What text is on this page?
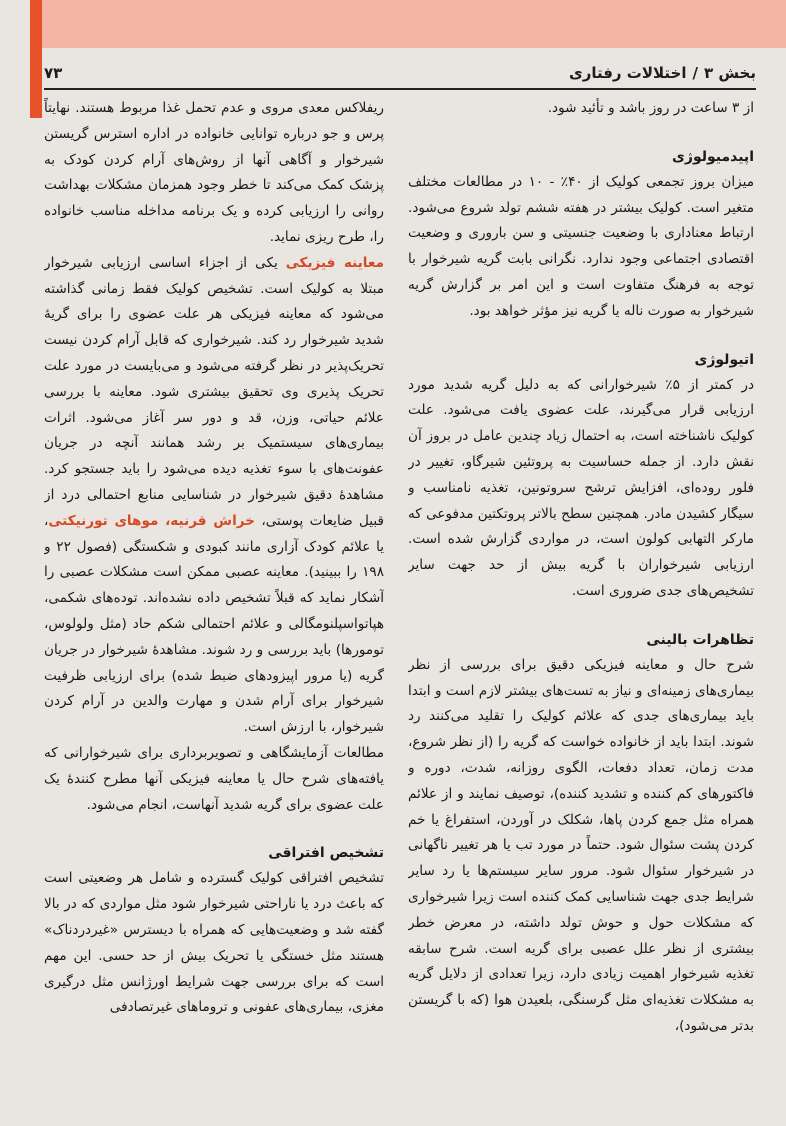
بخش ۳
/
اختلالات رفتاری
۷۳

از ۳ ساعت در روز باشد و تأئید شود.

اپیدمیولوژی

میزان بروز تجمعی کولیک از ۴۰٪ - ۱۰ در مطالعات مختلف متغیر است. کولیک بیشتر در هفته ششم تولد شروع می‌شود. ارتباط معناداری با وضعیت جنسیتی و سن باروری و وضعیت اقتصادی اجتماعی وجود ندارد. نگرانی بابت گریه شیرخوار با توجه به فرهنگ متفاوت است و این امر بر گزارش گریه شیرخوار به صورت ناله یا گریه نیز مؤثر خواهد بود.

اتیولوژی

در کمتر از ۵٪ شیرخوارانی که به دلیل گریه شدید مورد ارزیابی قرار می‌گیرند، علت عضوی یافت می‌شود. علت کولیک ناشناخته است، به احتمال زیاد چندین عامل در بروز آن نقش دارد. از جمله حساسیت به پروتئین شیرگاو، تغییر در فلور روده‌ای، افزایش ترشح سروتونین، تغذیه نامناسب و سیگار کشیدن مادر. همچنین سطح بالاتر پروتکتین مدفوعی که مارکر التهابی کولون است، در مواردی گزارش شده است. ارزیابی شیرخواران با گریه بیش از حد جهت سایر تشخیص‌های جدی ضروری است.

تظاهرات بالینی

شرح حال و معاینه فیزیکی دقیق برای بررسی از نظر بیماری‌های زمینه‌ای و نیاز به تست‌های بیشتر لازم است و ابتدا باید بیماری‌های جدی که علائم کولیک را تقلید می‌کنند رد شوند. ابتدا باید از خانواده خواست که گریه را (از نظر شروع، مدت زمان، تعداد دفعات، الگوی روزانه، شدت، دوره و فاکتورهای کم کننده و تشدید کننده)، توصیف نمایند و از علائم همراه مثل جمع کردن پاها، شکلک در آوردن، استفراغ یا خم کردن پشت سئوال شود. حتماً در مورد تب یا هر تغییر ناگهانی در شیرخوار سئوال شود. مرور سایر سیستم‌ها یا رد سایر شرایط جدی جهت شناسایی کمک کننده است زیرا شیرخواری که مشکلات حول و حوش تولد داشته، در معرض خطر بیشتری از نظر علل عصبی برای گریه است. شرح سابقه تغذیه شیرخوار اهمیت زیادی دارد، زیرا تعدادی از دلایل گریه به مشکلات تغذیه‌ای مثل گرسنگی، بلعیدن هوا (که با گریستن بدتر می‌شود)،

ریفلاکس معدی مروی و عدم تحمل غذا مربوط هستند. نهایتاً پرس و جو درباره توانایی خانواده در اداره استرس گریستن شیرخوار و آگاهی آنها از روش‌های آرام کردن کودک به پزشک کمک می‌کند تا خطر وجود همزمان مشکلات بهداشت روانی را ارزیابی کرده و یک برنامه مداخله مناسب خانواده را، طرح ریزی نماید.

معاینه فیزیکی یکی از اجزاء اساسی ارزیابی شیرخوار مبتلا به کولیک است. تشخیص کولیک فقط زمانی گذاشته می‌شود که معاینه فیزیکی هر علت عضوی را برای گریهٔ شدید شیرخوار رد کند. شیرخواری که قابل آرام کردن نیست تحریک‌پذیر در نظر گرفته می‌شود و می‌بایست در مورد علت تحریک پذیری وی تحقیق بیشتری شود. معاینه با بررسی علائم حیاتی، وزن، قد و دور سر آغاز می‌شود. اثرات بیماری‌های سیستمیک بر رشد همانند آنچه در جریان عفونت‌های با سوء تغذیه دیده می‌شود را باید جستجو کرد. مشاهدهٔ دقیق شیرخوار در شناسایی منابع احتمالی درد از قبیل ضایعات پوستی، خراش قرنیه، موهای تورنیکتی، یا علائم کودک آزاری مانند کبودی و شکستگی (فصول ۲۲ و ۱۹۸ را ببینید). معاینه عصبی ممکن است مشکلات عصبی را آشکار نماید که قبلاً تشخیص داده نشده‌اند. توده‌های شکمی، هپاتواسپلنومگالی و علائم احتمالی شکم حاد (مثل ولولوس، تومورها) باید بررسی و رد شوند. مشاهدهٔ شیرخوار در جریان گریه (یا مرور اپیزودهای ضبط شده) برای ارزیابی ظرفیت شیرخوار برای آرام شدن و مهارت والدین در آرام کردن شیرخوار، با ارزش است.

مطالعات آزمایشگاهی و تصویربرداری برای شیرخوارانی که یافته‌های شرح حال یا معاینه فیزیکی آنها مطرح کنندهٔ یک علت عضوی برای گریه شدید آنهاست، انجام می‌شود.

تشخیص افتراقی

تشخیص افتراقی کولیک گسترده و شامل هر وضعیتی است که باعث درد یا ناراحتی شیرخوار شود مثل مواردی که در بالا گفته شد و وضعیت‌هایی که همراه با دیسترس «غیردردناک» هستند مثل خستگی یا تحریک بیش از حد حسی. این مهم است که برای بررسی جهت شرایط اورژانس مثل درگیری مغزی، بیماری‌های عفونی و تروماهای غیرتصادفی
